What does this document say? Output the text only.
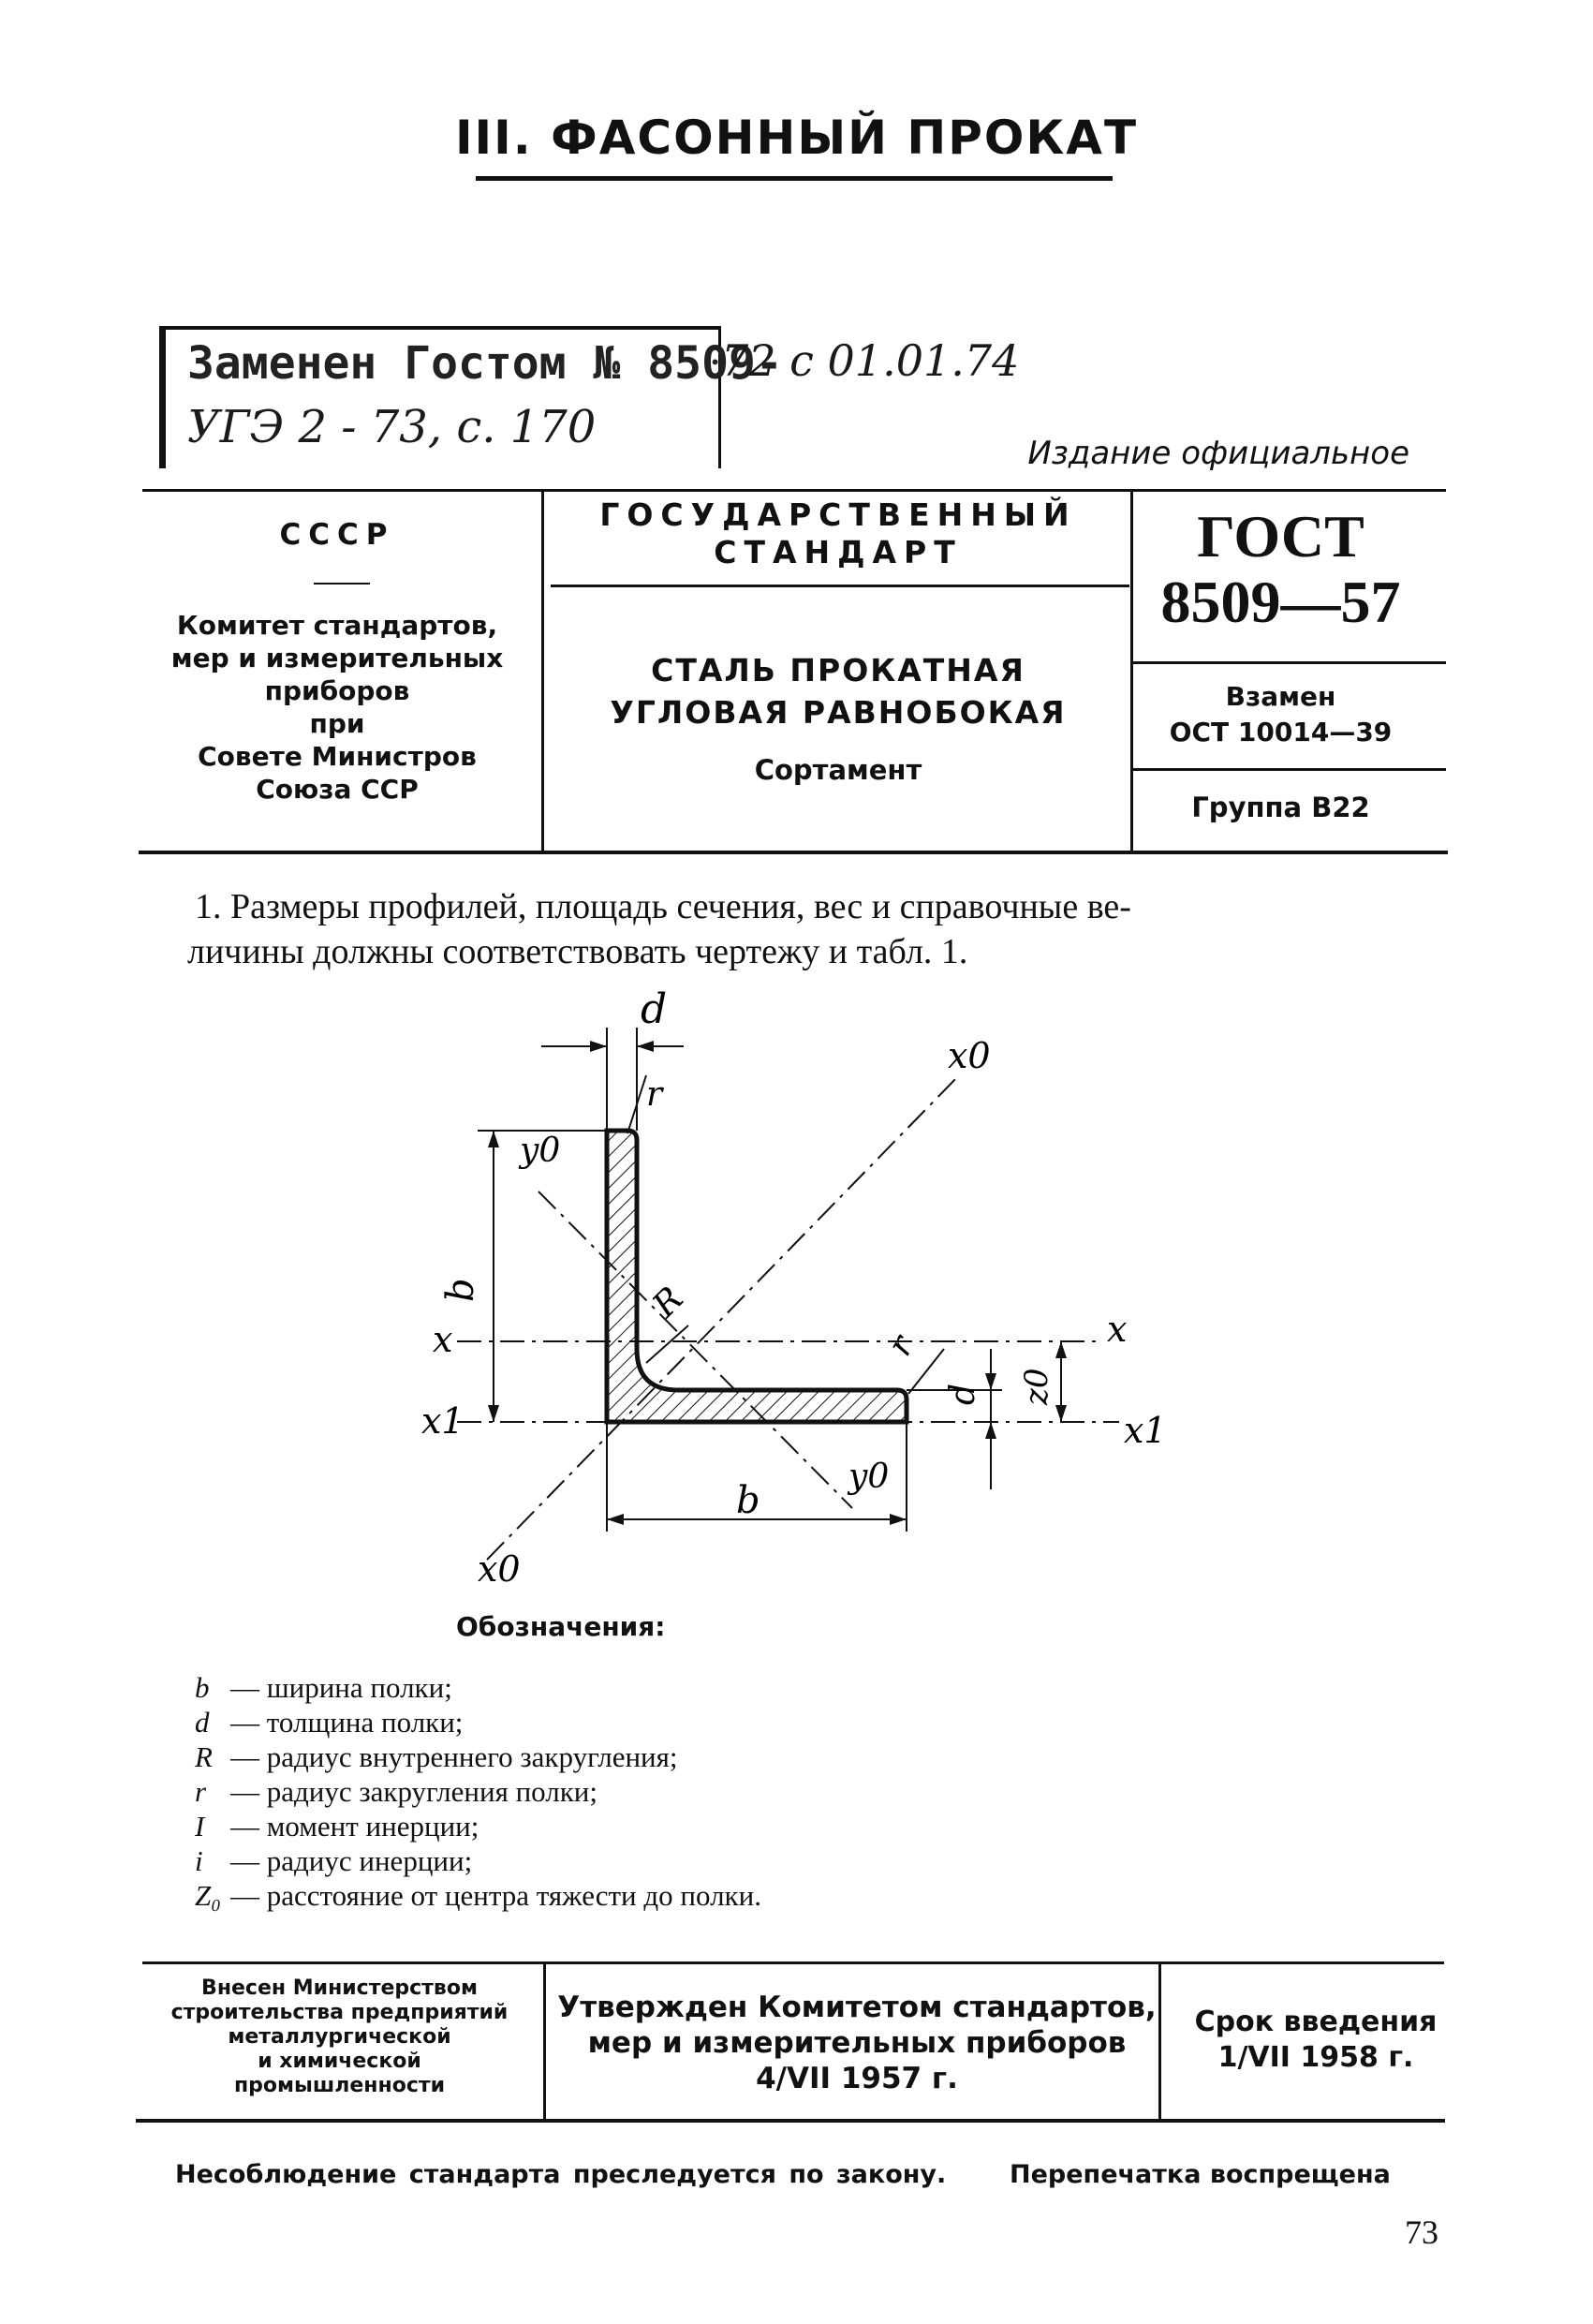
III. ФАСОННЫЙ ПРОКАТ
Заменен Гостом № 8509-
УГЭ 2 - 73, с. 170
72 с 01.01.74
Издание официальное
СССР
Комитет стандартов,
мер и измерительных
приборов
при
Совете Министров
Союза ССР
ГОСУДАРСТВЕННЫЙ
СТАНДАРТ
СТАЛЬ ПРОКАТНАЯ
УГЛОВАЯ РАВНОБОКАЯ
Сортамент
ГОСТ
8509—57
Взамен
ОСТ 10014—39
Группа В22
1. Размеры профилей, площадь сечения, вес и справочные ве-
личины должны соответствовать чертежу и табл. 1.
d
x0
r
y0
b	R
x	x
r
d z0
x1	x1
y0
b
x0
Обозначения:
b — ширина полки;
d — толщина полки;
R — радиус внутреннего закругления;
r — радиус закругления полки;
I — момент инерции;
i — радиус инерции;
Z₀ — расстояние от центра тяжести до полки.
Внесен Министерством
строительства предприятий
металлургической
и химической
промышленности
Утвержден Комитетом стандартов,
мер и измерительных приборов
4/VII 1957 г.
Срок введения
1/VII 1958 г.
Несоблюдение стандарта преследуется по закону.	Перепечатка воспрещена
73
